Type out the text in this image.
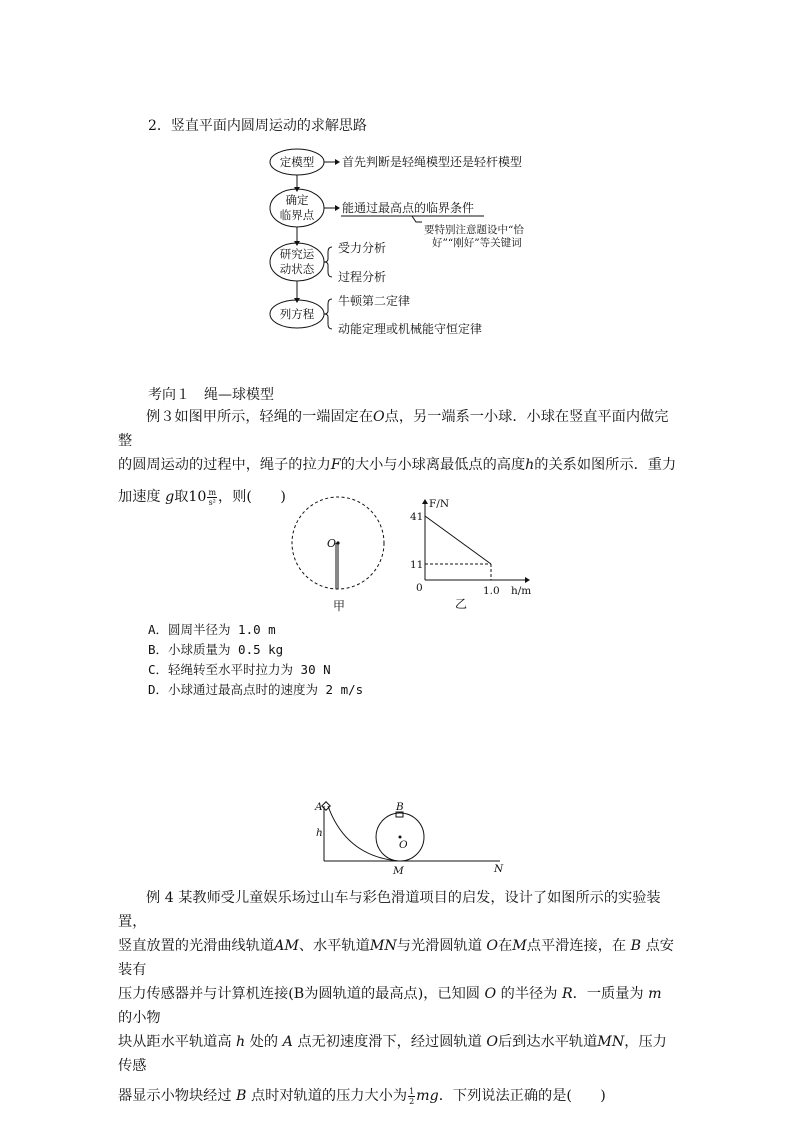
2．竖直平面内圆周运动的求解思路
定模型
确定
临界点
研究运
动状态
列方程
首先判断是轻绳模型还是轻杆模型
能通过最高点的临界条件
要特别注意题设中“恰
好”“刚好”等关键词
受力分析
过程分析
牛顿第二定律
动能定理或机械能守恒定律
考向１　绳—球模型
例３如图甲所示，轻绳的一端固定在O点，另一端系一小球．小球在竖直平面内做完整
的圆周运动的过程中，绳子的拉力F的大小与小球离最低点的高度h的关系如图所示．重力
加速度 g取$10 \frac{m}{\text{s²}}$ ，则(　　)
O
甲
F/N
h/m
41
11
0	1.0
乙
A．圆周半径为 1.0 m
B．小球质量为 0.5 kg
C．轻绳转至水平时拉力为 30 N
D．小球通过最高点时的速度为 2 m/s
A
h
B
O
M	N
例 4 某教师受儿童娱乐场过山车与彩色滑道项目的启发，设计了如图所示的实验装置，
竖直放置的光滑曲线轨道AM、水平轨道MN与光滑圆轨道 O在M点平滑连接，在 B 点安装有
压力传感器并与计算机连接(B为圆轨道的最高点)，已知圆 O 的半径为 R．一质量为 m 的小物
块从距水平轨道高 h 处的 A 点无初速度滑下，经过圆轨道 O后到达水平轨道MN，压力传感
器显示小物块经过 B 点时对轨道的压力大小为 $\frac{1}{2}$ mg．下列说法正确的是(　　)
